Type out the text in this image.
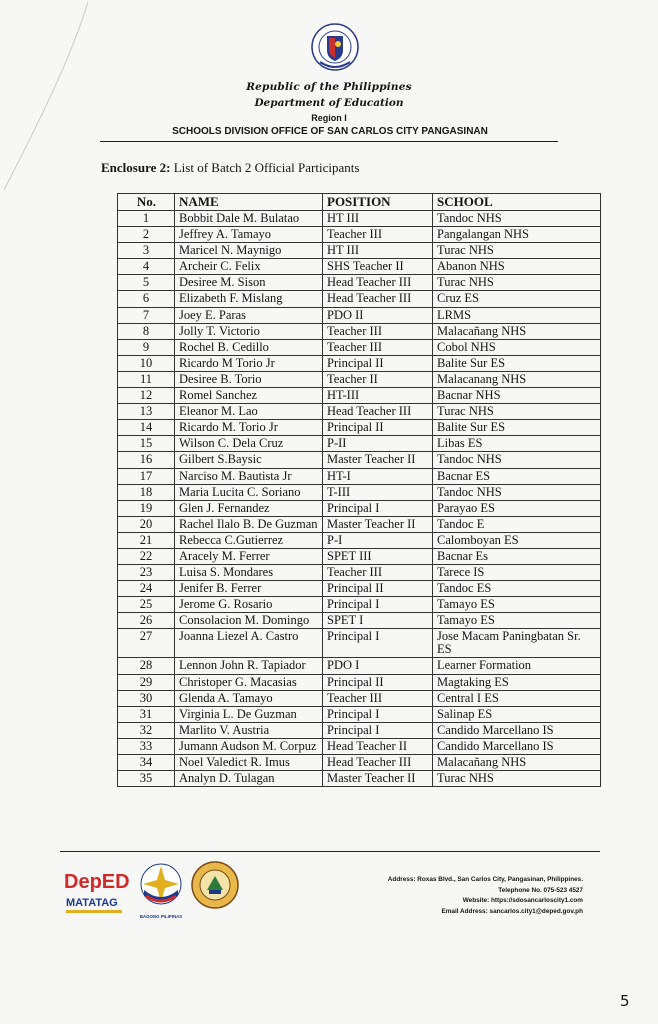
Republic of the Philippines
Department of Education
Region I
SCHOOLS DIVISION OFFICE OF SAN CARLOS CITY PANGASINAN
Enclosure 2: List of Batch 2 Official Participants
No.	NAME	POSITION	SCHOOL
1	Bobbit Dale M. Bulatao	HT III	Tandoc NHS
2	Jeffrey A. Tamayo	Teacher III	Pangalangan NHS
3	Maricel N. Maynigo	HT III	Turac NHS
4	Archeir C. Felix	SHS Teacher II	Abanon NHS
5	Desiree M. Sison	Head Teacher III	Turac NHS
6	Elizabeth F. Mislang	Head Teacher III	Cruz ES
7	Joey E. Paras	PDO II	LRMS
8	Jolly T. Victorio	Teacher III	Malacañang NHS
9	Rochel B. Cedillo	Teacher III	Cobol NHS
10	Ricardo M Torio Jr	Principal II	Balite Sur ES
11	Desiree B. Torio	Teacher II	Malacanang NHS
12	Romel Sanchez	HT-III	Bacnar NHS
13	Eleanor M. Lao	Head Teacher III	Turac NHS
14	Ricardo M. Torio Jr	Principal II	Balite Sur ES
15	Wilson C. Dela Cruz	P-II	Libas ES
16	Gilbert S.Baysic	Master Teacher II	Tandoc NHS
17	Narciso M. Bautista Jr	HT-I	Bacnar ES
18	Maria Lucita C. Soriano	T-III	Tandoc NHS
19	Glen J. Fernandez	Principal I	Parayao ES
20	Rachel Ilalo B. De Guzman	Master Teacher II	Tandoc E
21	Rebecca C.Gutierrez	P-I	Calomboyan ES
22	Aracely M. Ferrer	SPET III	Bacnar Es
23	Luisa S. Mondares	Teacher III	Tarece IS
24	Jenifer B. Ferrer	Principal II	Tandoc ES
25	Jerome G. Rosario	Principal I	Tamayo ES
26	Consolacion M. Domingo	SPET I	Tamayo ES
27	Joanna Liezel A. Castro	Principal I	Jose Macam Paningbatan Sr. ES
28	Lennon John R. Tapiador	PDO I	Learner Formation
29	Christoper G. Macasias	Principal II	Magtaking ES
30	Glenda A. Tamayo	Teacher III	Central I ES
31	Virginia L. De Guzman	Principal I	Salinap ES
32	Marlito V. Austria	Principal I	Candido Marcellano IS
33	Jumann Audson M. Corpuz	Head Teacher II	Candido Marcellano IS
34	Noel Valedict R. Imus	Head Teacher III	Malacañang NHS
35	Analyn D. Tulagan	Master Teacher II	Turac NHS
DepED
MATATAG
BAGONG PILIPINAS
Address: Roxas Blvd., San Carlos City, Pangasinan, Philippines.
Telephone No. 075-523 4527
Website: https://sdosancarloscity1.com
Email Address: sancarlos.city1@deped.gov.ph
5
